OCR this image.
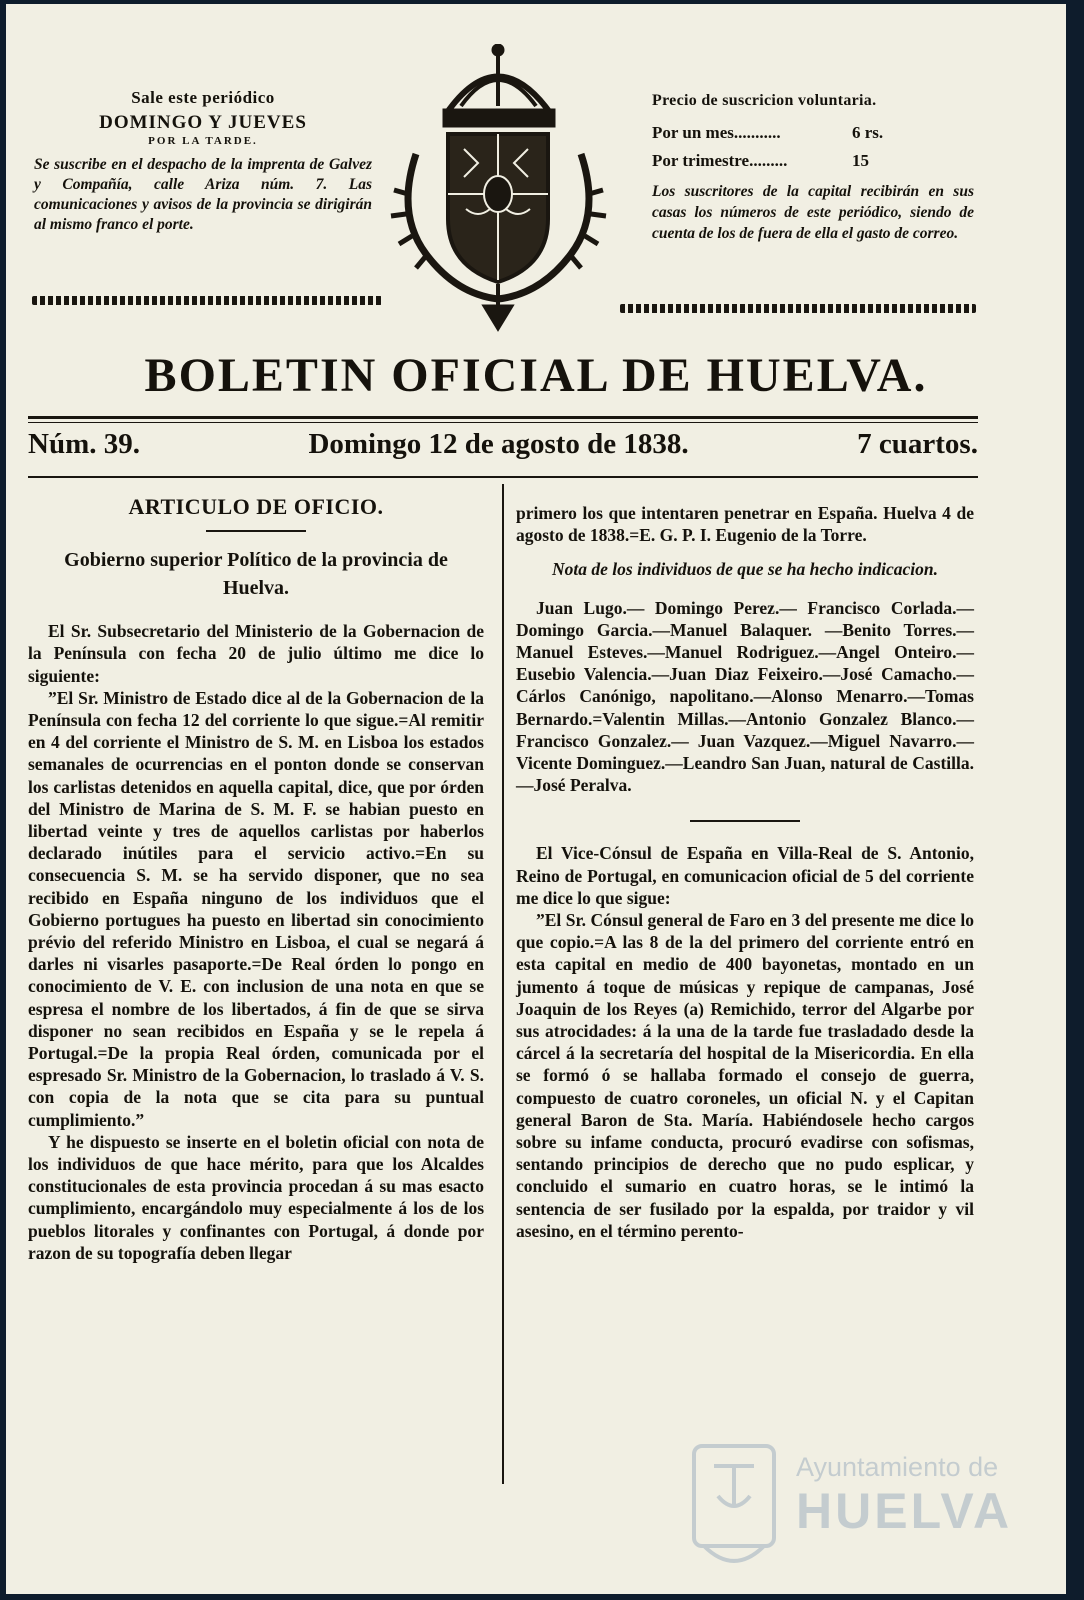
Sale este periódico
DOMINGO Y JUEVES
POR LA TARDE.
Se suscribe en el despacho de la imprenta de Galvez y Compañía, calle Ariza núm. 7. Las comunicaciones y avisos de la provincia se dirigirán al mismo franco el porte.
Precio de suscricion voluntaria.
Por un mes...........	6 rs.
Por trimestre.........	15
Los suscritores de la capital recibirán en sus casas los números de este periódico, siendo de cuenta de los de fuera de ella el gasto de correo.
BOLETIN OFICIAL DE HUELVA.
Núm. 39.	Domingo 12 de agosto de 1838.	7 cuartos.

ARTICULO DE OFICIO.

Gobierno superior Político de la provincia de Huelva.

El Sr. Subsecretario del Ministerio de la Gobernacion de la Península con fecha 20 de julio último me dice lo siguiente:

”El Sr. Ministro de Estado dice al de la Gobernacion de la Península con fecha 12 del corriente lo que sigue.=Al remitir en 4 del corriente el Ministro de S. M. en Lisboa los estados semanales de ocurrencias en el ponton donde se conservan los carlistas detenidos en aquella capital, dice, que por órden del Ministro de Marina de S. M. F. se habian puesto en libertad veinte y tres de aquellos carlistas por haberlos declarado inútiles para el servicio activo.=En su consecuencia S. M. se ha servido disponer, que no sea recibido en España ninguno de los individuos que el Gobierno portugues ha puesto en libertad sin conocimiento prévio del referido Ministro en Lisboa, el cual se negará á darles ni visarles pasaporte.=De Real órden lo pongo en conocimiento de V. E. con inclusion de una nota en que se espresa el nombre de los libertados, á fin de que se sirva disponer no sean recibidos en España y se le repela á Portugal.=De la propia Real órden, comunicada por el espresado Sr. Ministro de la Gobernacion, lo traslado á V. S. con copia de la nota que se cita para su puntual cumplimiento.”

Y he dispuesto se inserte en el boletin oficial con nota de los individuos de que hace mérito, para que los Alcaldes constitucionales de esta provincia procedan á su mas esacto cumplimiento, encargándolo muy especialmente á los de los pueblos litorales y confinantes con Portugal, á donde por razon de su topografía deben llegar

primero los que intentaren penetrar en España. Huelva 4 de agosto de 1838.=E. G. P. I. Eugenio de la Torre.

Nota de los individuos de que se ha hecho indicacion.

Juan Lugo.— Domingo Perez.— Francisco Corlada.—Domingo Garcia.—Manuel Balaquer. —Benito Torres.—Manuel Esteves.—Manuel Rodriguez.—Angel Onteiro.—Eusebio Valencia.—Juan Diaz Feixeiro.—José Camacho.— Cárlos Canónigo, napolitano.—Alonso Menarro.—Tomas Bernardo.=Valentin Millas.—Antonio Gonzalez Blanco.—Francisco Gonzalez.— Juan Vazquez.—Miguel Navarro.—Vicente Dominguez.—Leandro San Juan, natural de Castilla.—José Peralva.

El Vice-Cónsul de España en Villa-Real de S. Antonio, Reino de Portugal, en comunicacion oficial de 5 del corriente me dice lo que sigue:

”El Sr. Cónsul general de Faro en 3 del presente me dice lo que copio.=A las 8 de la del primero del corriente entró en esta capital en medio de 400 bayonetas, montado en un jumento á toque de músicas y repique de campanas, José Joaquin de los Reyes (a) Remichido, terror del Algarbe por sus atrocidades: á la una de la tarde fue trasladado desde la cárcel á la secretaría del hospital de la Misericordia. En ella se formó ó se hallaba formado el consejo de guerra, compuesto de cuatro coroneles, un oficial N. y el Capitan general Baron de Sta. María. Habiéndosele hecho cargos sobre su infame conducta, procuró evadirse con sofismas, sentando principios de derecho que no pudo esplicar, y concluido el sumario en cuatro horas, se le intimó la sentencia de ser fusilado por la espalda, por traidor y vil asesino, en el término perento-

Ayuntamiento de
HUELVA
